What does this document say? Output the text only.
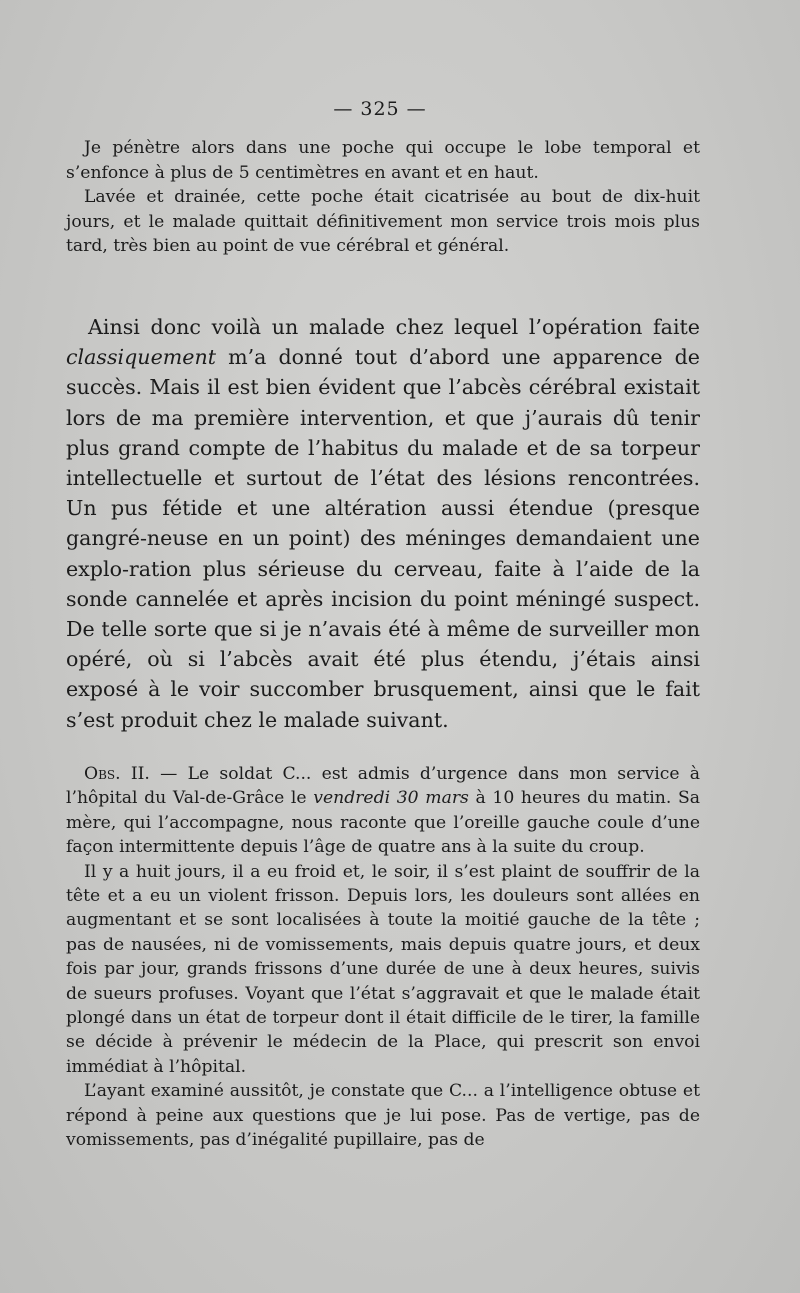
— 325 —

Je pénètre alors dans une poche qui occupe le lobe temporal et s’enfonce à plus de 5 centimètres en avant et en haut.

Lavée et drainée, cette poche était cicatrisée au bout de dix-huit jours, et le malade quittait définitivement mon service trois mois plus tard, très bien au point de vue cérébral et général.

Ainsi donc voilà un malade chez lequel l’opération faite classiquement m’a donné tout d’abord une apparence de succès. Mais il est bien évident que l’abcès cérébral existait lors de ma première intervention, et que j’aurais dû tenir plus grand compte de l’habitus du malade et de sa torpeur intellectuelle et surtout de l’état des lésions rencontrées. Un pus fétide et une altération aussi étendue (presque gangré-neuse en un point) des méninges demandaient une explo-ration plus sérieuse du cerveau, faite à l’aide de la sonde cannelée et après incision du point méningé suspect. De telle sorte que si je n’avais été à même de surveiller mon opéré, où si l’abcès avait été plus étendu, j’étais ainsi exposé à le voir succomber brusquement, ainsi que le fait s’est produit chez le malade suivant.

Obs. II. — Le soldat C... est admis d’urgence dans mon service à l’hôpital du Val-de-Grâce le vendredi 30 mars à 10 heures du matin. Sa mère, qui l’accompagne, nous raconte que l’oreille gauche coule d’une façon intermittente depuis l’âge de quatre ans à la suite du croup.

Il y a huit jours, il a eu froid et, le soir, il s’est plaint de souffrir de la tête et a eu un violent frisson. Depuis lors, les douleurs sont allées en augmentant et se sont localisées à toute la moitié gauche de la tête ; pas de nausées, ni de vomissements, mais depuis quatre jours, et deux fois par jour, grands frissons d’une durée de une à deux heures, suivis de sueurs profuses. Voyant que l’état s’aggravait et que le malade était plongé dans un état de torpeur dont il était difficile de le tirer, la famille se décide à prévenir le médecin de la Place, qui prescrit son envoi immédiat à l’hôpital.

L’ayant examiné aussitôt, je constate que C... a l’intelligence obtuse et répond à peine aux questions que je lui pose. Pas de vertige, pas de vomissements, pas d’inégalité pupillaire, pas de
